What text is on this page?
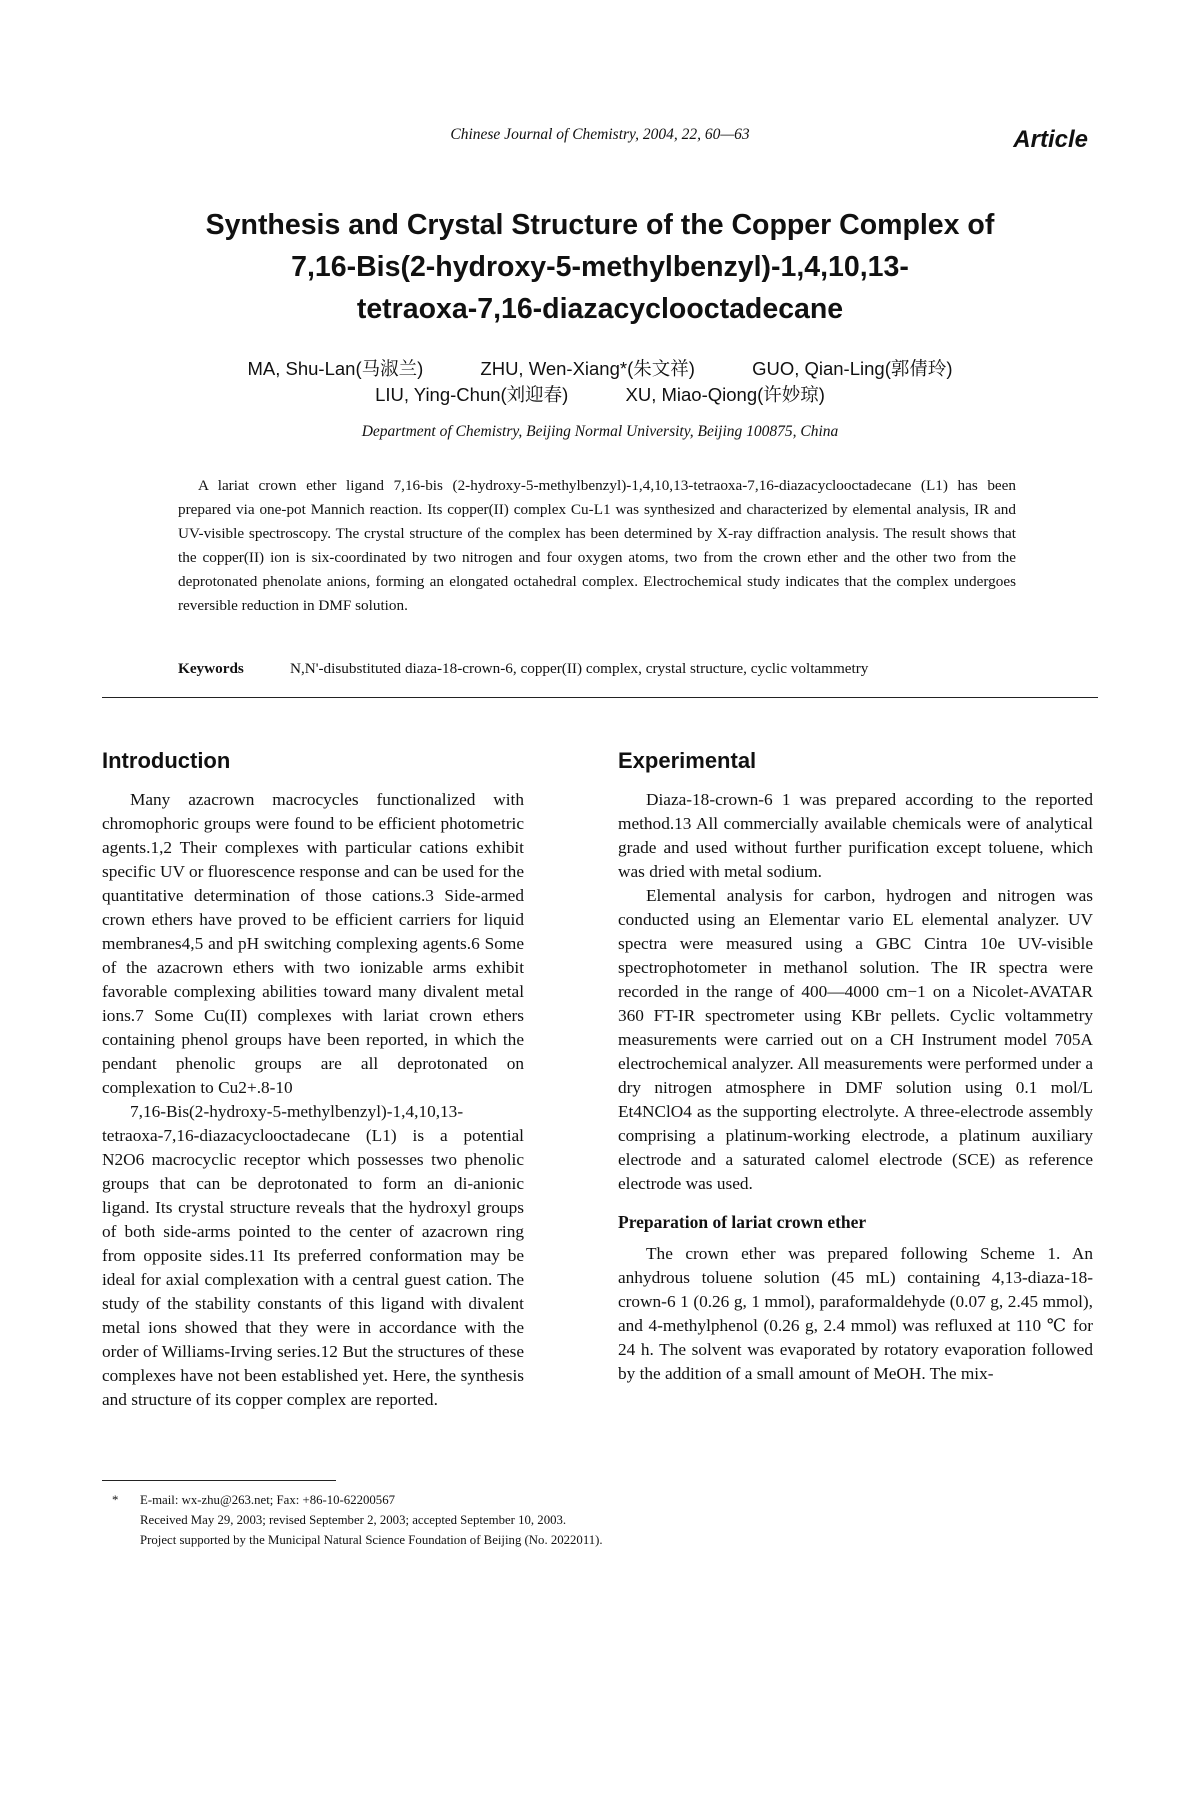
Chinese Journal of Chemistry, 2004, 22, 60—63	Article
Synthesis and Crystal Structure of the Copper Complex of
7,16-Bis(2-hydroxy-5-methylbenzyl)-1,4,10,13-
tetraoxa-7,16-diazacyclooctadecane
MA, Shu-Lan(马淑兰)	ZHU, Wen-Xiang*(朱文祥)	GUO, Qian-Ling(郭倩玲)
LIU, Ying-Chun(刘迎春)	XU, Miao-Qiong(许妙琼)
Department of Chemistry, Beijing Normal University, Beijing 100875, China

A lariat crown ether ligand 7,16-bis (2-hydroxy-5-methylbenzyl)-1,4,10,13-tetraoxa-7,16-diazacyclooctadecane (L1) has been prepared via one-pot Mannich reaction. Its copper(II) complex Cu-L1 was synthesized and characterized by elemental analysis, IR and UV-visible spectroscopy. The crystal structure of the complex has been determined by X-ray diffraction analysis. The result shows that the copper(II) ion is six-coordinated by two nitrogen and four oxygen atoms, two from the crown ether and the other two from the deprotonated phenolate anions, forming an elongated octahedral complex. Electrochemical study indicates that the complex undergoes reversible reduction in DMF solution.

Keywords	N,N'-disubstituted diaza-18-crown-6, copper(II) complex, crystal structure, cyclic voltammetry
Introduction

Many azacrown macrocycles functionalized with chromophoric groups were found to be efficient photometric agents.1,2 Their complexes with particular cations exhibit specific UV or fluorescence response and can be used for the quantitative determination of those cations.3 Side-armed crown ethers have proved to be efficient carriers for liquid membranes4,5 and pH switching complexing agents.6 Some of the azacrown ethers with two ionizable arms exhibit favorable complexing abilities toward many divalent metal ions.7 Some Cu(II) complexes with lariat crown ethers containing phenol groups have been reported, in which the pendant phenolic groups are all deprotonated on complexation to Cu2+.8-10

7,16-Bis(2-hydroxy-5-methylbenzyl)-1,4,10,13-tetraoxa-7,16-diazacyclooctadecane (L1) is a potential N2O6 macrocyclic receptor which possesses two phenolic groups that can be deprotonated to form an di-anionic ligand. Its crystal structure reveals that the hydroxyl groups of both side-arms pointed to the center of azacrown ring from opposite sides.11 Its preferred conformation may be ideal for axial complexation with a central guest cation. The study of the stability constants of this ligand with divalent metal ions showed that they were in accordance with the order of Williams-Irving series.12 But the structures of these complexes have not been established yet. Here, the synthesis and structure of its copper complex are reported.

Experimental

Diaza-18-crown-6 1 was prepared according to the reported method.13 All commercially available chemicals were of analytical grade and used without further purification except toluene, which was dried with metal sodium.

Elemental analysis for carbon, hydrogen and nitrogen was conducted using an Elementar vario EL elemental analyzer. UV spectra were measured using a GBC Cintra 10e UV-visible spectrophotometer in methanol solution. The IR spectra were recorded in the range of 400—4000 cm−1 on a Nicolet-AVATAR 360 FT-IR spectrometer using KBr pellets. Cyclic voltammetry measurements were carried out on a CH Instrument model 705A electrochemical analyzer. All measurements were performed under a dry nitrogen atmosphere in DMF solution using 0.1 mol/L Et4NClO4 as the supporting electrolyte. A three-electrode assembly comprising a platinum-working electrode, a platinum auxiliary electrode and a saturated calomel electrode (SCE) as reference electrode was used.

Preparation of lariat crown ether

The crown ether was prepared following Scheme 1. An anhydrous toluene solution (45 mL) containing 4,13-diaza-18-crown-6 1 (0.26 g, 1 mmol), paraformaldehyde (0.07 g, 2.45 mmol), and 4-methylphenol (0.26 g, 2.4 mmol) was refluxed at 110 ℃ for 24 h. The solvent was evaporated by rotatory evaporation followed by the addition of a small amount of MeOH. The mix-

* E-mail: wx-zhu@263.net; Fax: +86-10-62200567
Received May 29, 2003; revised September 2, 2003; accepted September 10, 2003.
Project supported by the Municipal Natural Science Foundation of Beijing (No. 2022011).
